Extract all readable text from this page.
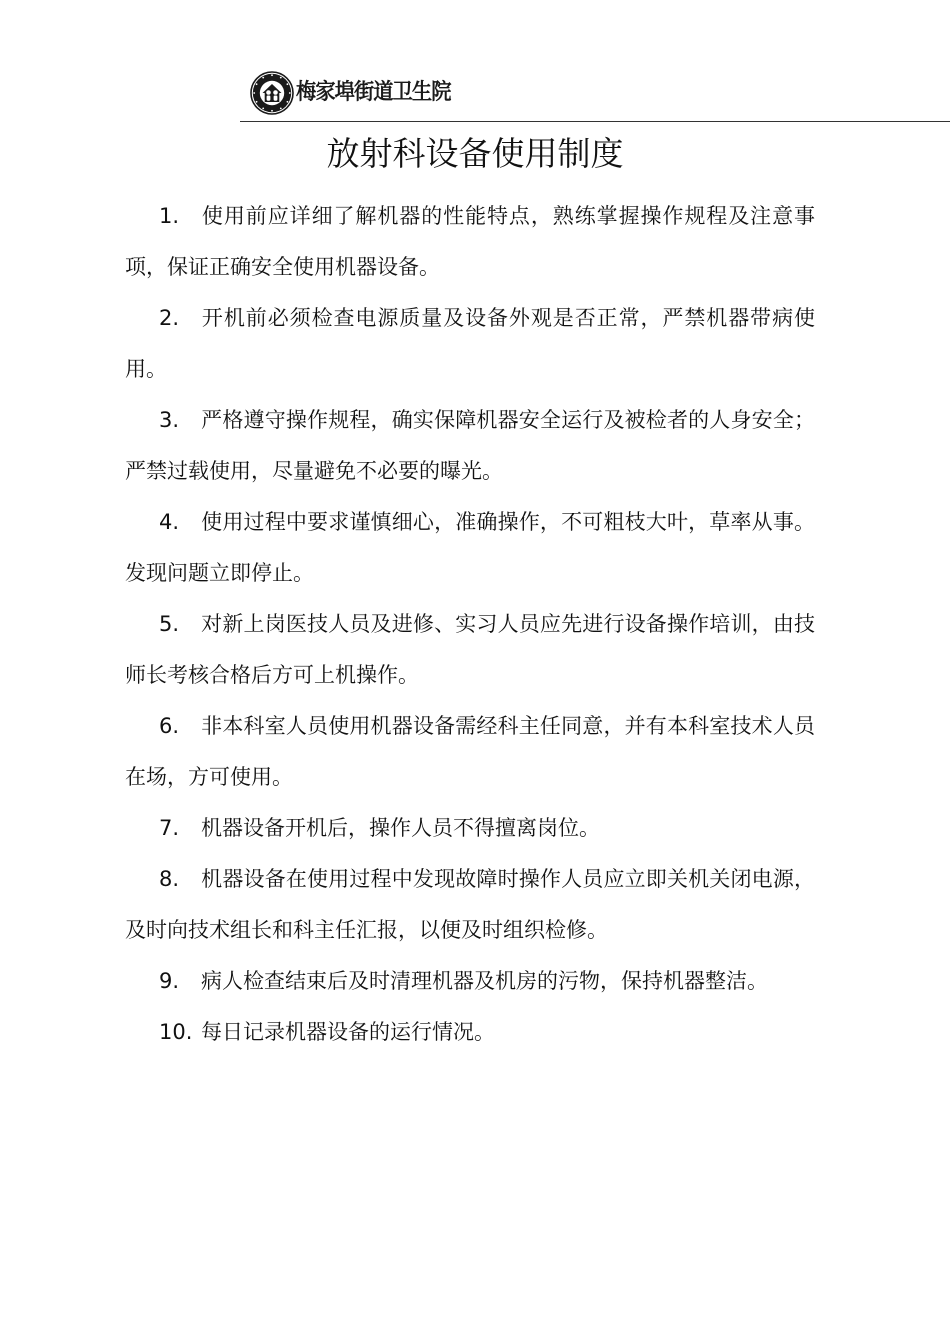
梅家埠街道卫生院
放射科设备使用制度
1. 使用前应详细了解机器的性能特点，熟练掌握操作规程及注意事项，保证正确安全使用机器设备。
2. 开机前必须检查电源质量及设备外观是否正常，严禁机器带病使用。
3. 严格遵守操作规程，确实保障机器安全运行及被检者的人身安全；严禁过载使用，尽量避免不必要的曝光。
4. 使用过程中要求谨慎细心，准确操作，不可粗枝大叶，草率从事。发现问题立即停止。
5. 对新上岗医技人员及进修、实习人员应先进行设备操作培训，由技师长考核合格后方可上机操作。
6. 非本科室人员使用机器设备需经科主任同意，并有本科室技术人员在场，方可使用。
7. 机器设备开机后，操作人员不得擅离岗位。
8. 机器设备在使用过程中发现故障时操作人员应立即关机关闭电源，及时向技术组长和科主任汇报，以便及时组织检修。
9. 病人检查结束后及时清理机器及机房的污物，保持机器整洁。
10. 每日记录机器设备的运行情况。
